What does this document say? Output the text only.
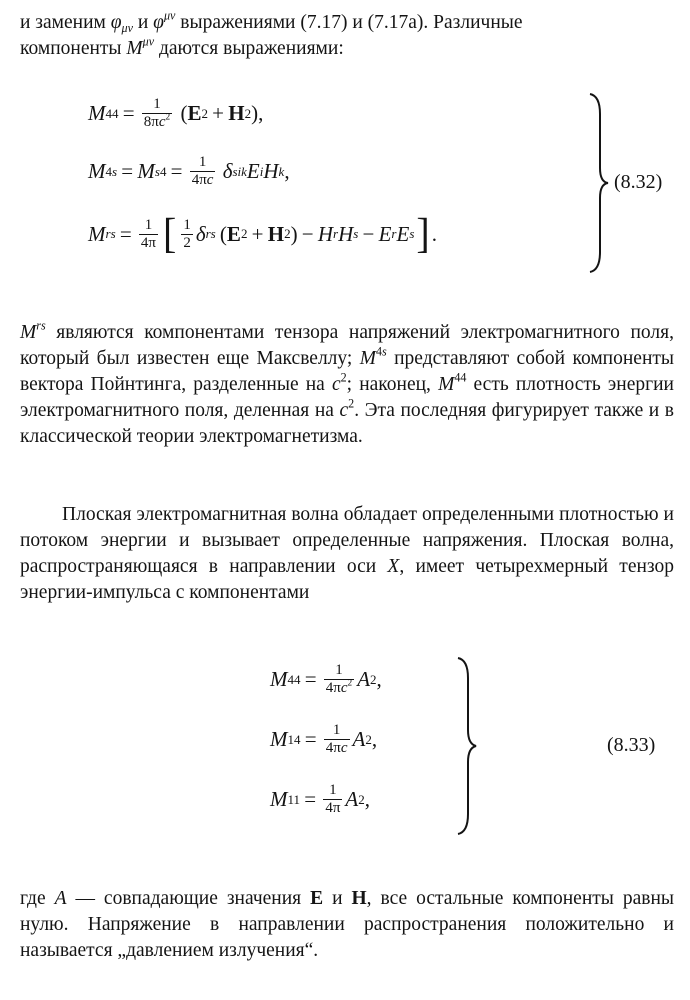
и заменим $\varphi_{\mu\nu}$ и $\varphi^{\mu\nu}$ выражениями (7.17) и (7.17а). Различные
компоненты $M^{\mu\nu}$ даются выражениями:

M $44 = \frac{1}{8\pi c^2}$ ( E 2  +  H 2 ),
M 4s  =  M $s4 = \frac{1}{4\pi c}$
  δ sik E i H k ,
M rs  =  $\frac{1}{4\pi}$ [ $\frac{1}{2}$ δ rs  ( E 2  +  H 2 ) −  H r H s  −  E r E s ] .
(8.32)

$M^{rs}$ являются компонентами тензора напряжений электромагнитного поля, который был известен еще Максвеллу; $M^{4s}$ представляют собой компоненты вектора Пойнтинга, разделенные на $c^2$; наконец, $M^{44}$ есть плотность энергии электромагнитного поля, деленная на $c^2$. Эта последняя фигурирует также и в классической теории электромагнетизма.

Плоская электромагнитная волна обладает определенными плотностью и потоком энергии и вызывает определенные напряжения. Плоская волна, распространяющаяся в направлении оси X, имеет четырехмерный тензор энергии-импульса с компонентами

M $44 = \frac{1}{4\pi c^2}$ A 2 ,
M $14 = \frac{1}{4\pi c}$ A 2 ,
M $11 = \frac{1}{4\pi}$ A 2 ,
(8.33)

где A — совпадающие значения E и H, все остальные компоненты равны нулю. Напряжение в направлении распространения положительно и называется „давлением излучения“.
